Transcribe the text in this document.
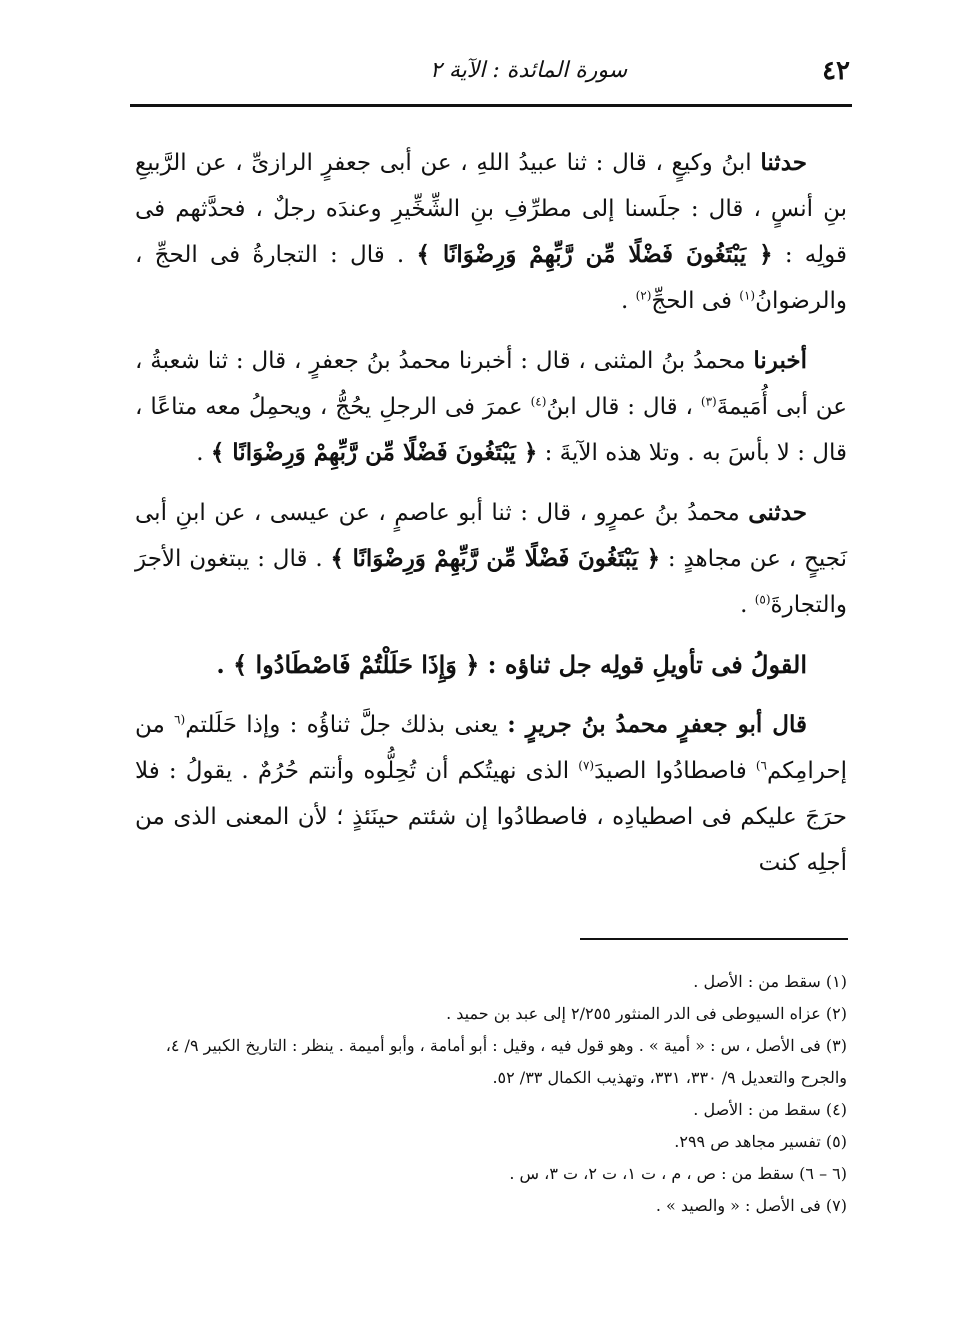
٤٢
سورة المائدة : الآية ٢

حدثنا ابنُ وكيعٍ ، قال : ثنا عبيدُ اللهِ ، عن أبى جعفرٍ الرازىِّ ، عن الرَّبيعِ بنِ أنسٍ ، قال : جلَسنا إلى مطرِّفِ بنِ الشِّخِّيرِ وعندَه رجلٌ ، فحدَّثهم فى قولِه : ﴿ يَبْتَغُونَ فَضْلًا مِّن رَّبِّهِمْ وَرِضْوَانًا ﴾ . قال : التجارةُ فى الحجِّ ، والرضوانُ$^{(١)}$ فى الحجِّ$^{(٢)}$ .

أخبرنا محمدُ بنُ المثنى ، قال : أخبرنا محمدُ بنُ جعفرٍ ، قال : ثنا شعبةُ ، عن أبى أُمَيمةَ$^{(٣)}$ ، قال : قال ابنُ$^{(٤)}$ عمرَ فى الرجلِ يحُجُّ ، ويحمِلُ معه متاعًا ، قال : لا بأسَ به . وتلا هذه الآيةَ : ﴿ يَبْتَغُونَ فَضْلًا مِّن رَّبِّهِمْ وَرِضْوَانًا ﴾ .

حدثنى محمدُ بنُ عمرٍو ، قال : ثنا أبو عاصمٍ ، عن عيسى ، عن ابنِ أبى نَجيحٍ ، عن مجاهدٍ : ﴿ يَبْتَغُونَ فَضْلًا مِّن رَّبِّهِمْ وَرِضْوَانًا ﴾ . قال : يبتغون الأجرَ والتجارةَ$^{(٥)}$ .

القولُ فى تأويلِ قولِه جل ثناؤه : ﴿ وَإِذَا حَلَلْتُمْ فَاصْطَادُوا ﴾ .

قال أبو جعفرٍ محمدُ بنُ جريرٍ : يعنى بذلك جلَّ ثناؤُه : وإذا حَلَلتم$^{(٦}$ من إحرامِكم$^{٦)}$ فاصطادُوا الصيدَ$^{(٧)}$ الذى نهيتُكم أن تُحِلُّوه وأنتم حُرُمٌ . يقولُ : فلا حرَجَ عليكم فى اصطيادِه ، فاصطادُوا إن شئتم حينَئذٍ ؛ لأن المعنى الذى من أجلِه كنت

(١) سقط من : الأصل .

(٢) عزاه السيوطى فى الدر المنثور ٢/٢٥٥ إلى عبد بن حميد .

(٣) فى الأصل ، س : « أمية » . وهو قول فيه ، وقيل : أبو أمامة ، وأبو أميمة . ينظر : التاريخ الكبير ٩/ ٤، والجرح والتعديل ٩/ ٣٣٠، ٣٣١، وتهذيب الكمال ٣٣/ ٥٢.

(٤) سقط من : الأصل .

(٥) تفسير مجاهد ص ٢٩٩.

(٦ – ٦) سقط من : ص ، م ، ت ١، ت ٢، ت ٣، س .

(٧) فى الأصل : « والصيد » .
